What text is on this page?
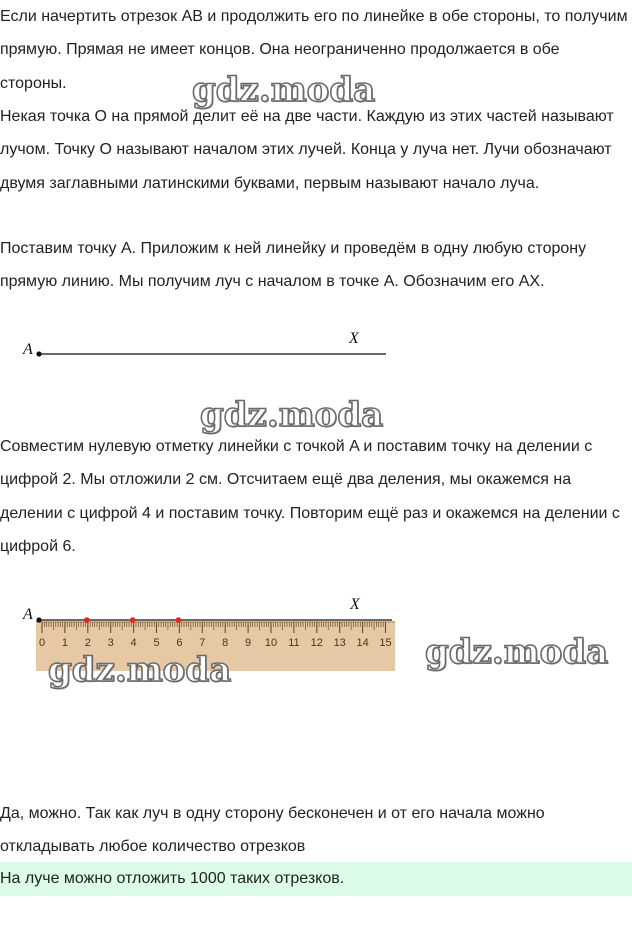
Если начертить отрезок AB и продолжить его по линейке в обе стороны, то получим прямую. Прямая не имеет концов. Она неограниченно продолжается в обе стороны.

Некая точка O на прямой делит её на две части. Каждую из этих частей называют лучом. Точку O называют началом этих лучей. Конца у луча нет. Лучи обозначают двумя заглавными латинскими буквами, первым называют начало луча.

Поставим точку A. Приложим к ней линейку и проведём в одну любую сторону прямую линию. Мы получим луч с началом в точке A. Обозначим его AX.

A
X

Совместим нулевую отметку линейки с точкой A и поставим точку на делении с цифрой 2. Мы отложили 2 см. Отсчитаем ещё два деления, мы окажемся на делении с цифрой 4 и поставим точку. Повторим ещё раз и окажемся на делении с цифрой 6.

0 1 2 3 4 5 6 7 8 9 10 11 12 13 14 15
A
X
gdz.moda
gdz.moda
gdz.moda
gdz.moda

Да, можно. Так как луч в одну сторону бесконечен и от его начала можно откладывать любое количество отрезков

На луче можно отложить 1000 таких отрезков.
